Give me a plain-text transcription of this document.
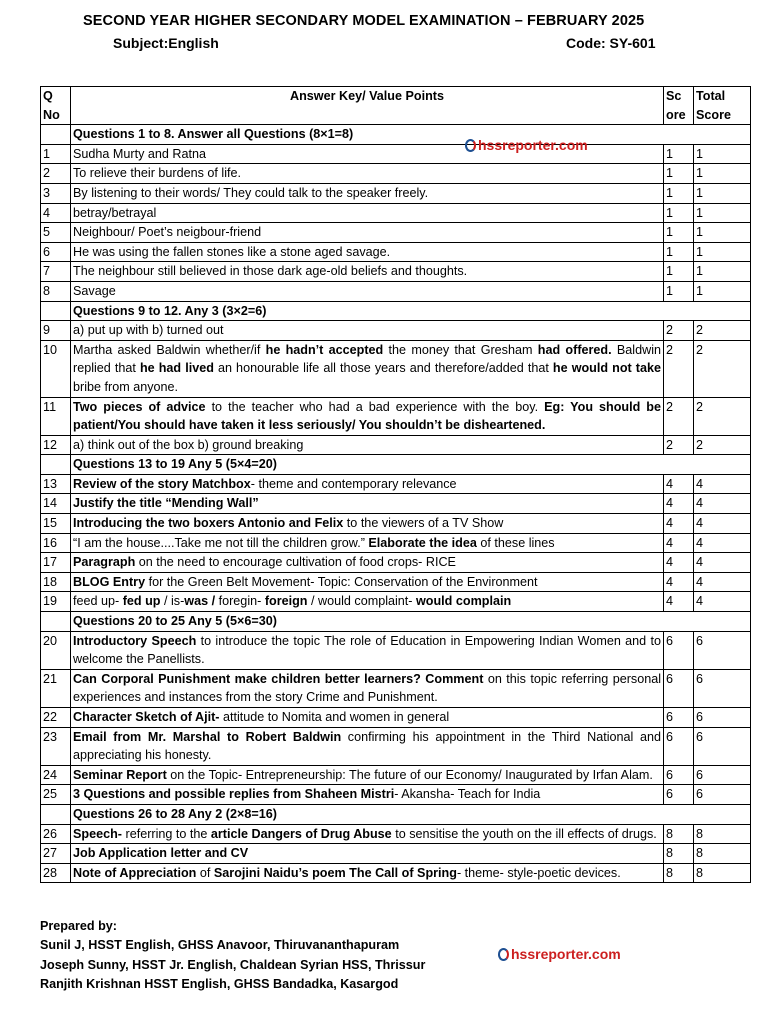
SECOND YEAR HIGHER SECONDARY MODEL EXAMINATION – FEBRUARY 2025
Subject:English	Code: SY-601
Q No	Answer Key/ Value Points	Sc ore	Total Score
	Questions 1 to 8. Answer all Questions (8×1=8)		
1	Sudha Murty and Ratna	1	1
2	To relieve their burdens of life.	1	1
3	By listening to their words/ They could talk to the speaker freely.	1	1
4	betray/betrayal	1	1
5	Neighbour/ Poet’s neigbour-friend	1	1
6	He was using the fallen stones like a stone aged savage.	1	1
7	The neighbour still believed in those dark age-old beliefs and thoughts.	1	1
8	Savage	1	1
	Questions 9 to 12. Any 3 (3×2=6)		
9	a) put up with b) turned out	2	2
10	Martha asked Baldwin whether/if he hadn’t accepted the money that Gresham had offered. Baldwin replied that he had lived an honourable life all those years and therefore/added that he would not take bribe from anyone.	2	2
11	Two pieces of advice to the teacher who had a bad experience with the boy. Eg: You should be patient/You should have taken it less seriously/ You shouldn’t be disheartened.	2	2
12	a) think out of the box b) ground breaking	2	2
	Questions 13 to 19 Any 5 (5×4=20)		
13	Review of the story Matchbox- theme and contemporary relevance	4	4
14	Justify the title “Mending Wall”	4	4
15	Introducing the two boxers Antonio and Felix to the viewers of a TV Show	4	4
16	“I am the house....Take me not till the children grow.” Elaborate the idea of these lines	4	4
17	Paragraph on the need to encourage cultivation of food crops- RICE	4	4
18	BLOG Entry for the Green Belt Movement- Topic: Conservation of the Environment	4	4
19	feed up- fed up / is-was / foregin- foreign / would complaint- would complain	4	4
	Questions 20 to 25 Any 5 (5×6=30)		
20	Introductory Speech to introduce the topic The role of Education in Empowering Indian Women and to welcome the Panellists.	6	6
21	Can Corporal Punishment make children better learners? Comment on this topic referring personal experiences and instances from the story Crime and Punishment.	6	6
22	Character Sketch of Ajit- attitude to Nomita and women in general	6	6
23	Email from Mr. Marshal to Robert Baldwin confirming his appointment in the Third National and appreciating his honesty.	6	6
24	Seminar Report on the Topic- Entrepreneurship: The future of our Economy/ Inaugurated by Irfan Alam.	6	6
25	3 Questions and possible replies from Shaheen Mistri- Akansha- Teach for India	6	6
	Questions 26 to 28 Any 2 (2×8=16)		
26	Speech- referring to the article Dangers of Drug Abuse to sensitise the youth on the ill effects of drugs.	8	8
27	Job Application letter and CV	8	8
28	Note of Appreciation of Sarojini Naidu’s poem The Call of Spring- theme- style-poetic devices.	8	8
hssreporter.com
Prepared by:
Sunil J, HSST English, GHSS Anavoor, Thiruvananthapuram
Joseph Sunny, HSST Jr. English, Chaldean Syrian HSS, Thrissur
Ranjith Krishnan HSST English, GHSS Bandadka, Kasargod
hssreporter.com
